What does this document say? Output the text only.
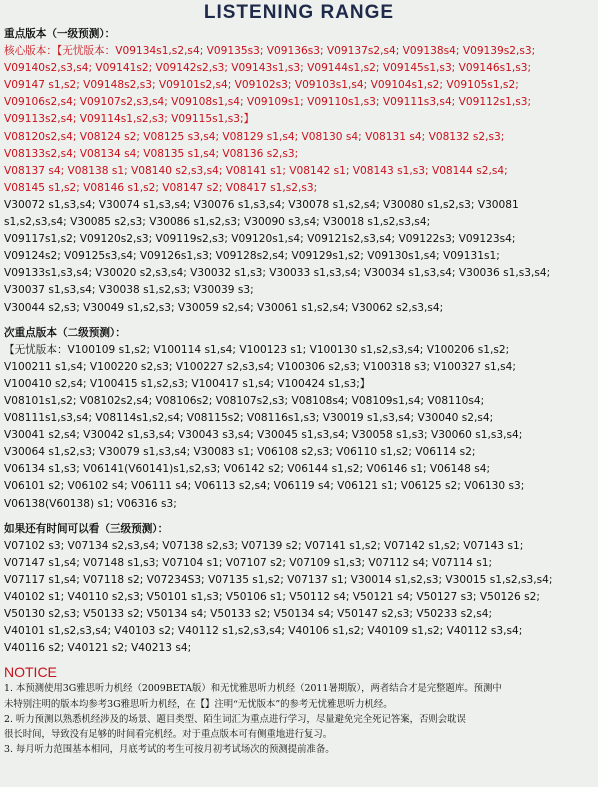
LISTENING RANGE
重点版本（一级预测）：
核心版本：【无忧版本：V09134s1,s2,s4; V09135s3; V09136s3; V09137s2,s4; V09138s4; V09139s2,s3;
V09140s2,s3,s4; V09141s2; V09142s2,s3; V09143s1,s3; V09144s1,s2; V09145s1,s3; V09146s1,s3;
V09147 s1,s2; V09148s2,s3; V09101s2,s4; V09102s3; V09103s1,s4; V09104s1,s2; V09105s1,s2;
V09106s2,s4; V09107s2,s3,s4; V09108s1,s4; V09109s1; V09110s1,s3; V09111s3,s4; V09112s1,s3;
V09113s2,s4; V09114s1,s2,s3; V09115s1,s3;】
V08120s2,s4; V08124 s2; V08125 s3,s4; V08129 s1,s4; V08130 s4; V08131 s4; V08132 s2,s3;
V08133s2,s4; V08134 s4; V08135 s1,s4; V08136 s2,s3;
V08137 s4; V08138 s1; V08140 s2,s3,s4; V08141 s1; V08142 s1; V08143 s1,s3; V08144 s2,s4;
V08145 s1,s2; V08146 s1,s2; V08147 s2; V08417 s1,s2,s3;
V30072 s1,s3,s4; V30074 s1,s3,s4; V30076 s1,s3,s4; V30078 s1,s2,s4; V30080 s1,s2,s3; V30081
s1,s2,s3,s4; V30085 s2,s3; V30086 s1,s2,s3; V30090 s3,s4; V30018 s1,s2,s3,s4;
V09117s1,s2; V09120s2,s3; V09119s2,s3; V09120s1,s4; V09121s2,s3,s4; V09122s3; V09123s4;
V09124s2; V09125s3,s4; V09126s1,s3; V09128s2,s4; V09129s1,s2; V09130s1,s4; V09131s1;
V09133s1,s3,s4; V30020 s2,s3,s4; V30032 s1,s3; V30033 s1,s3,s4; V30034 s1,s3,s4; V30036 s1,s3,s4;
V30037 s1,s3,s4; V30038 s1,s2,s3; V30039 s3;
V30044 s2,s3; V30049 s1,s2,s3; V30059 s2,s4; V30061 s1,s2,s4; V30062 s2,s3,s4;
次重点版本（二级预测）：
【无忧版本：V100109 s1,s2; V100114 s1,s4; V100123 s1; V100130 s1,s2,s3,s4; V100206 s1,s2;
V100211 s1,s4; V100220 s2,s3; V100227 s2,s3,s4; V100306 s2,s3; V100318 s3; V100327 s1,s4;
V100410 s2,s4; V100415 s1,s2,s3; V100417 s1,s4; V100424 s1,s3;】
V08101s1,s2; V08102s2,s4; V08106s2; V08107s2,s3; V08108s4; V08109s1,s4; V08110s4;
V08111s1,s3,s4; V08114s1,s2,s4; V08115s2; V08116s1,s3; V30019 s1,s3,s4; V30040 s2,s4;
V30041 s2,s4; V30042 s1,s3,s4; V30043 s3,s4; V30045 s1,s3,s4; V30058 s1,s3; V30060 s1,s3,s4;
V30064 s1,s2,s3; V30079 s1,s3,s4; V30083 s1; V06108 s2,s3; V06110 s1,s2; V06114 s2;
V06134 s1,s3; V06141(V60141)s1,s2,s3; V06142 s2; V06144 s1,s2; V06146 s1; V06148 s4;
V06101 s2; V06102 s4; V06111 s4; V06113 s2,s4; V06119 s4; V06121 s1; V06125 s2; V06130 s3;
V06138(V60138) s1; V06316 s3;
如果还有时间可以看（三级预测）：
V07102 s3; V07134 s2,s3,s4; V07138 s2,s3; V07139 s2; V07141 s1,s2; V07142 s1,s2; V07143 s1;
V07147 s1,s4; V07148 s1,s3; V07104 s1; V07107 s2; V07109 s1,s3; V07112 s4; V07114 s1;
V07117 s1,s4; V07118 s2; V07234S3; V07135 s1,s2; V07137 s1; V30014 s1,s2,s3; V30015 s1,s2,s3,s4;
V40102 s1; V40110 s2,s3; V50101 s1,s3; V50106 s1; V50112 s4; V50121 s4; V50127 s3; V50126 s2;
V50130 s2,s3; V50133 s2; V50134 s4; V50133 s2; V50134 s4; V50147 s2,s3; V50233 s2,s4;
V40101 s1,s2,s3,s4; V40103 s2; V40112 s1,s2,s3,s4; V40106 s1,s2; V40109 s1,s2; V40112 s3,s4;
V40116 s2; V40121 s2; V40213 s4;
NOTICE
1. 本预测使用3G雅思听力机经（2009BETA版）和无忧雅思听力机经（2011暑期版），两者结合才是完整题库。预测中
未特别注明的版本均参考3G雅思听力机经，在【】注明“无忧版本”的参考无忧雅思听力机经。
2. 听力预测以熟悉机经涉及的场景、题目类型、陌生词汇为重点进行学习，尽量避免完全死记答案，否则会耽误
很长时间，导致没有足够的时间看完机经。对于重点版本可有侧重地进行复习。
3. 每月听力范围基本相同，月底考试的考生可按月初考试场次的预测提前准备。
